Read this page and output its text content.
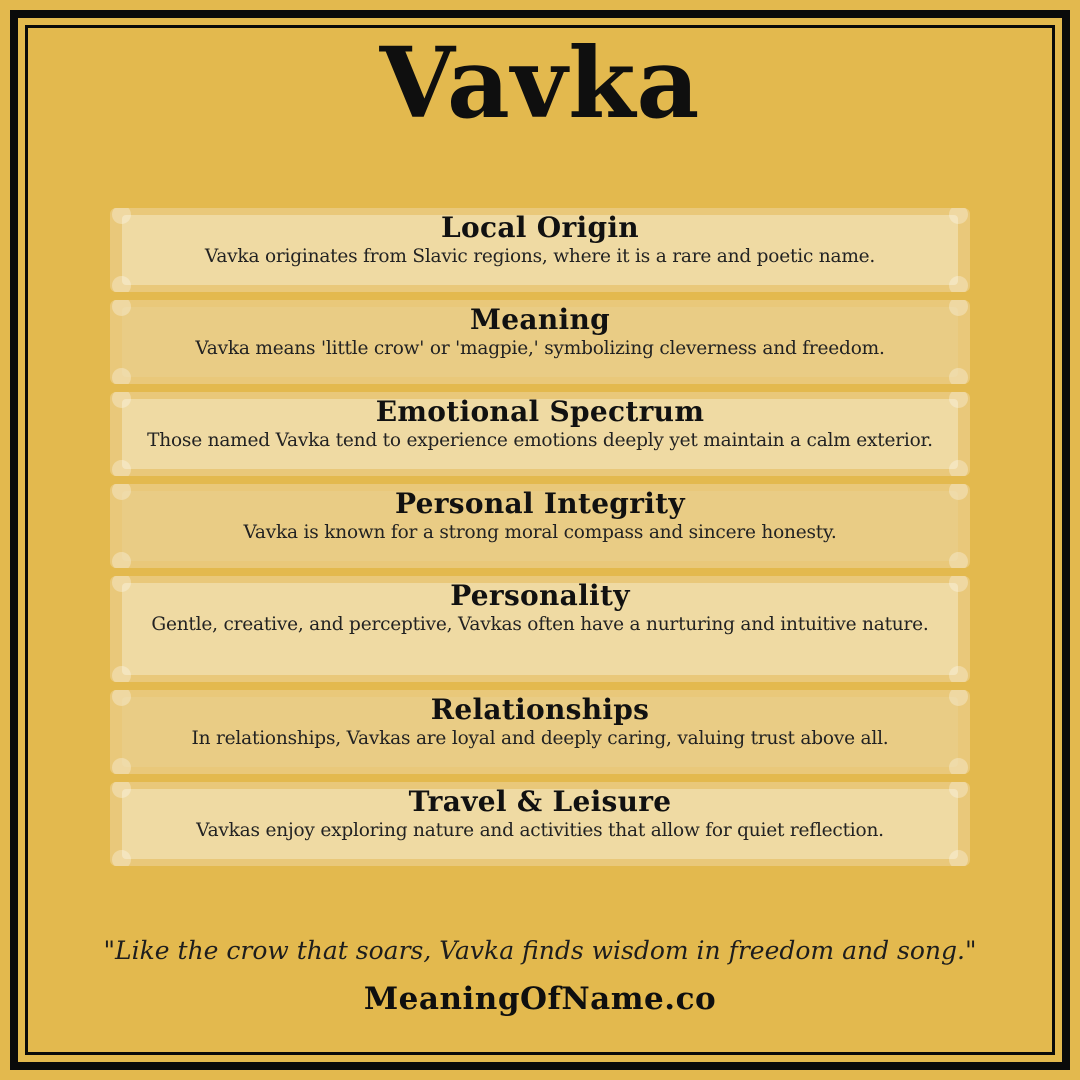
Vavka
Local Origin

Vavka originates from Slavic regions, where it is a rare and poetic name.

Meaning

Vavka means 'little crow' or 'magpie,' symbolizing cleverness and freedom.

Emotional Spectrum

Those named Vavka tend to experience emotions deeply yet maintain a calm exterior.

Personal Integrity

Vavka is known for a strong moral compass and sincere honesty.

Personality

Gentle, creative, and perceptive, Vavkas often have a nurturing and intuitive nature.

Relationships

In relationships, Vavkas are loyal and deeply caring, valuing trust above all.

Travel & Leisure

Vavkas enjoy exploring nature and activities that allow for quiet reflection.

"Like the crow that soars, Vavka finds wisdom in freedom and song."

MeaningOfName.co
